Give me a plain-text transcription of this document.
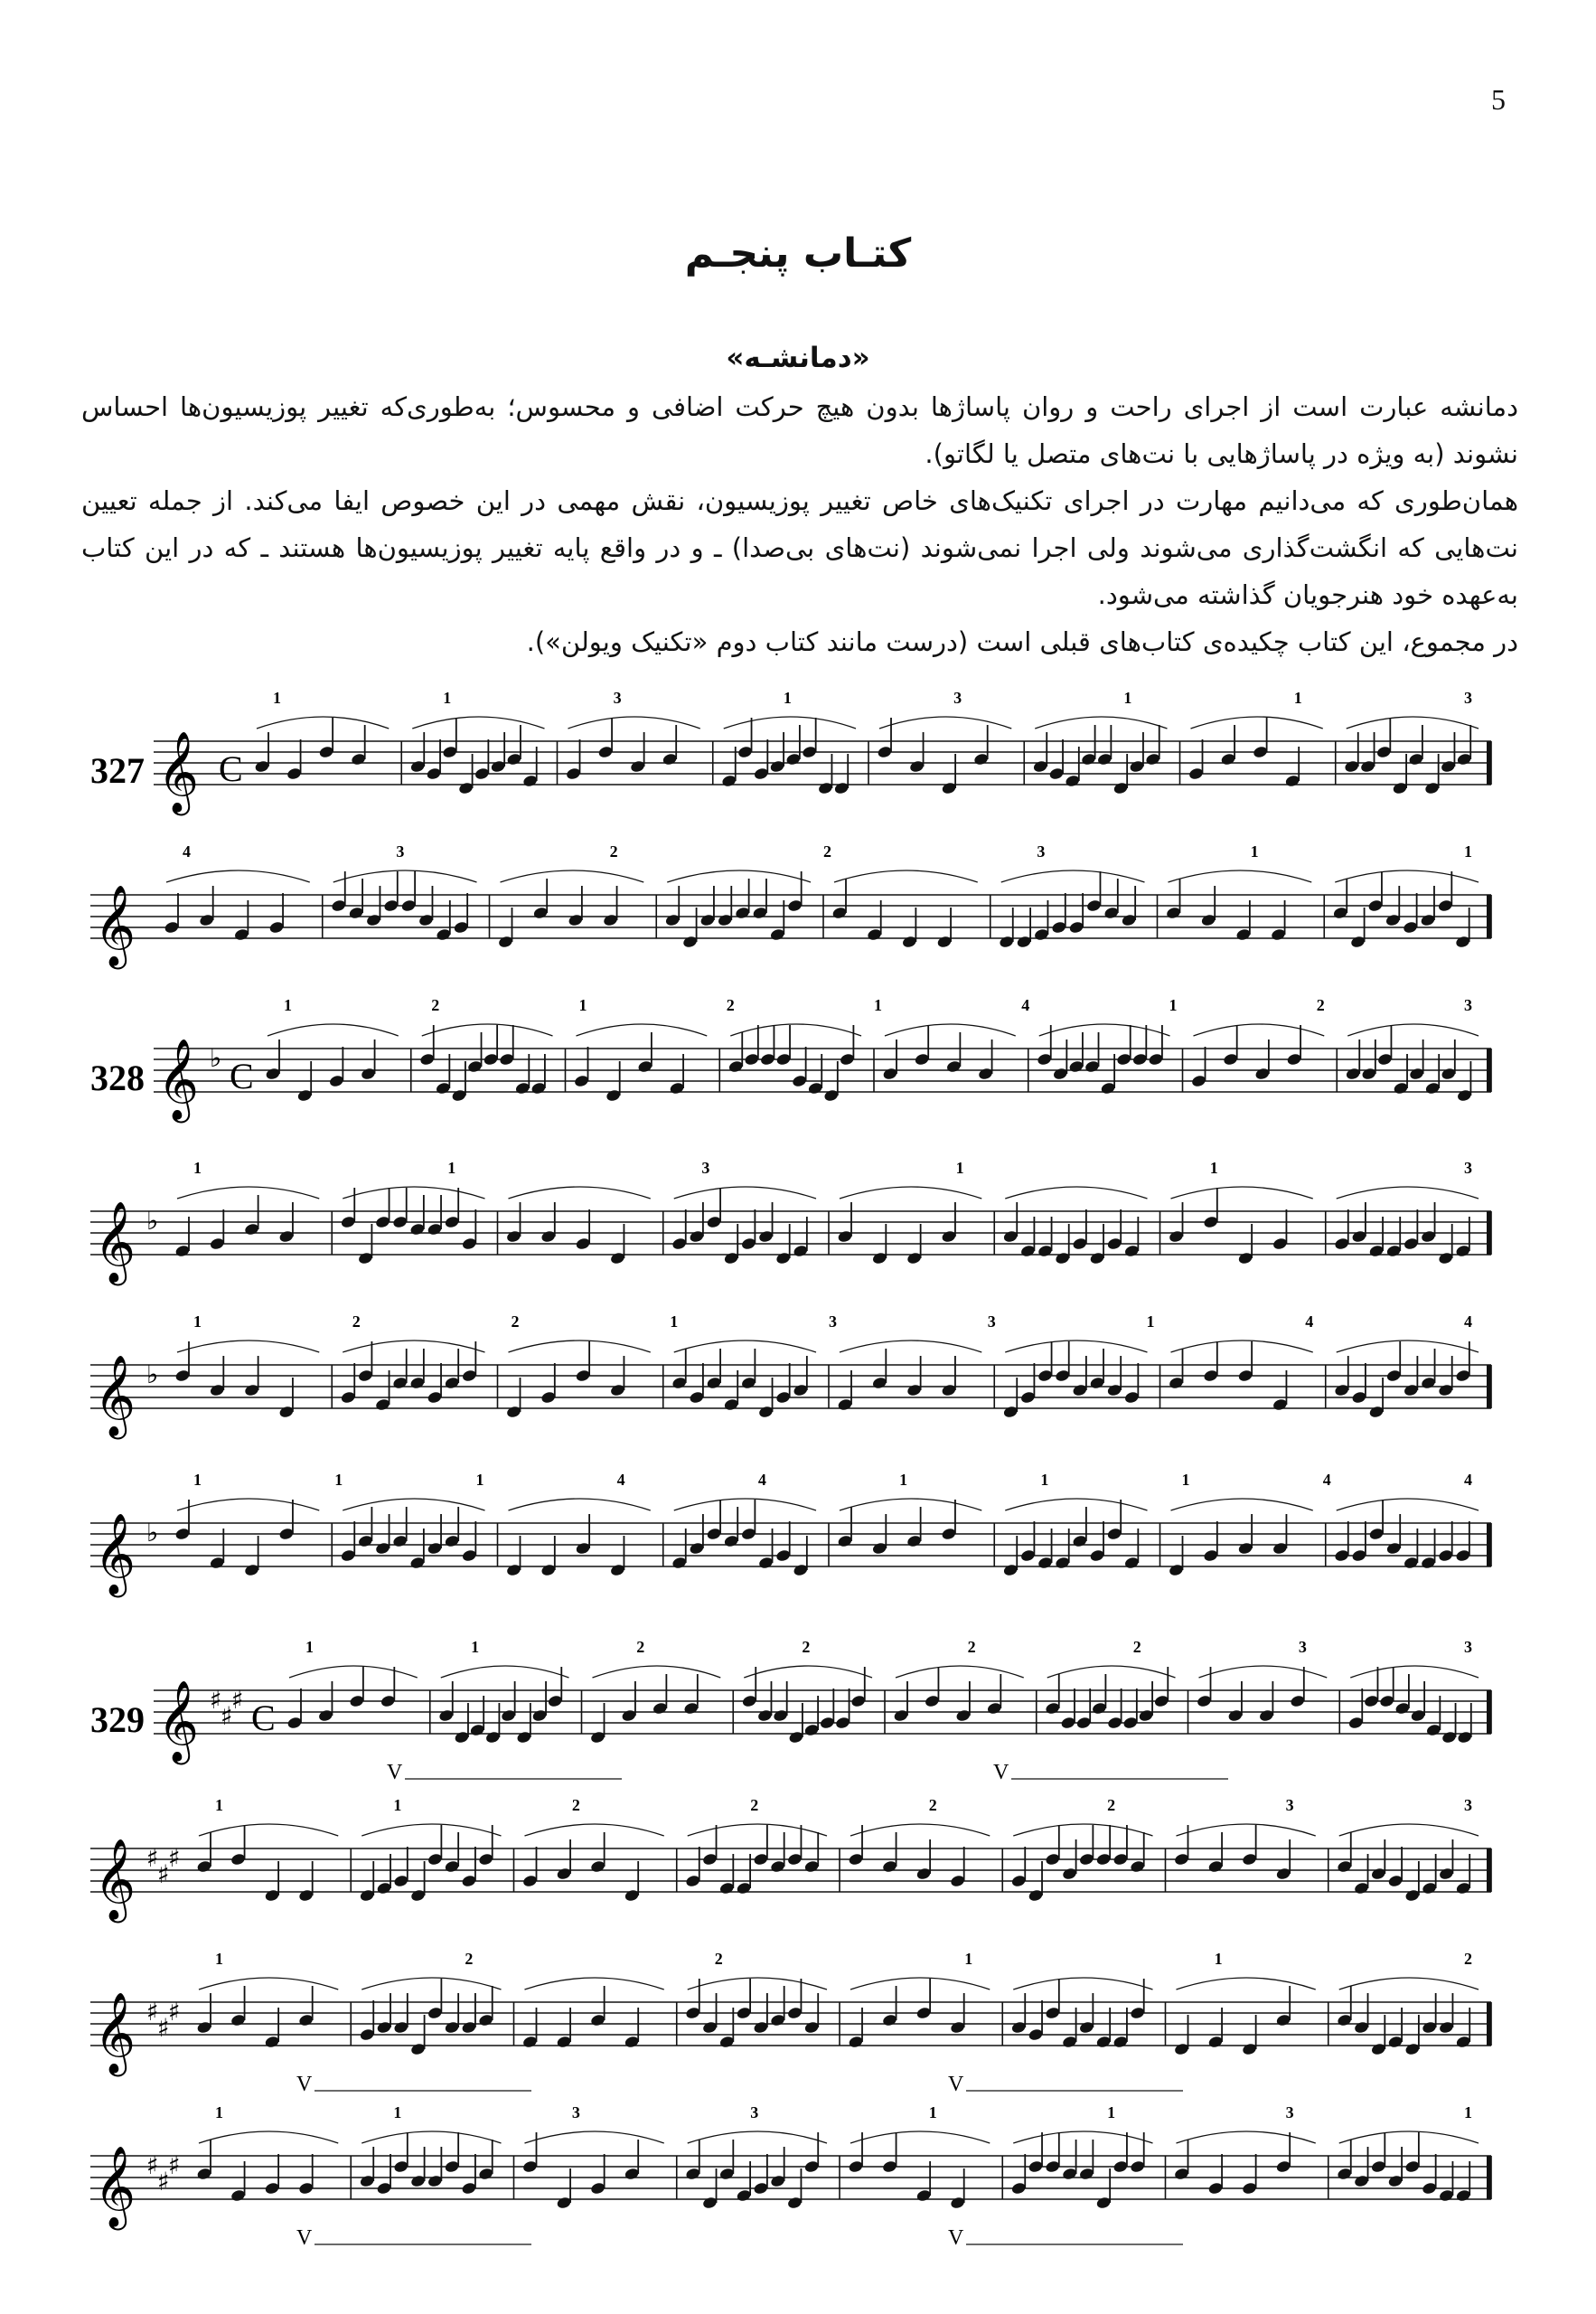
5
کتـاب پنجـم
«دمانشـه»

دمانشه عبارت است از اجرای راحت و روان پاساژها بدون هیچ حرکت اضافی و محسوس؛ به‌طوری‌که تغییر پوزیسیون‌ها احساس نشوند (به ویژه در پاساژهایی با نت‌های متصل یا لگاتو).

همان‌طوری که می‌دانیم مهارت در اجرای تکنیک‌های خاص تغییر پوزیسیون، نقش مهمی در این خصوص ایفا می‌کند. از جمله تعیین نت‌هایی که انگشت‌گذاری می‌شوند ولی اجرا نمی‌شوند (نت‌های بی‌صدا) ـ و در واقع پایه تغییر پوزیسیون‌ها هستند ـ که در این کتاب به‌عهده خود هنرجویان گذاشته می‌شود.

در مجموع، این کتاب چکیده‌ی کتاب‌های قبلی است (درست مانند کتاب دوم «تکنیک ویولن»).

327 𝄞 C
1	1	3	1	3	1	1	3
𝄞
4	3	2	2	3	1	1
328 𝄞 ♭ C
1	2	1	2	1	4	1	2	3
𝄞 ♭
1	1	3	1	1	3
𝄞 ♭
1	2	2	1	3	3	1	4	4
𝄞 ♭
1	1	1	4	4	1	1	1	4	4
329 𝄞 ♯
♯
♯ C
1	1	2	2	2	2	3	3
V	V
𝄞 ♯
♯
♯
1	1	2	2	2	2	3	3
𝄞 ♯
♯
♯
1	2	2	1	1	2
V	V
𝄞 ♯
♯
♯
1	1	3	3	1	1	3	1
V	V
